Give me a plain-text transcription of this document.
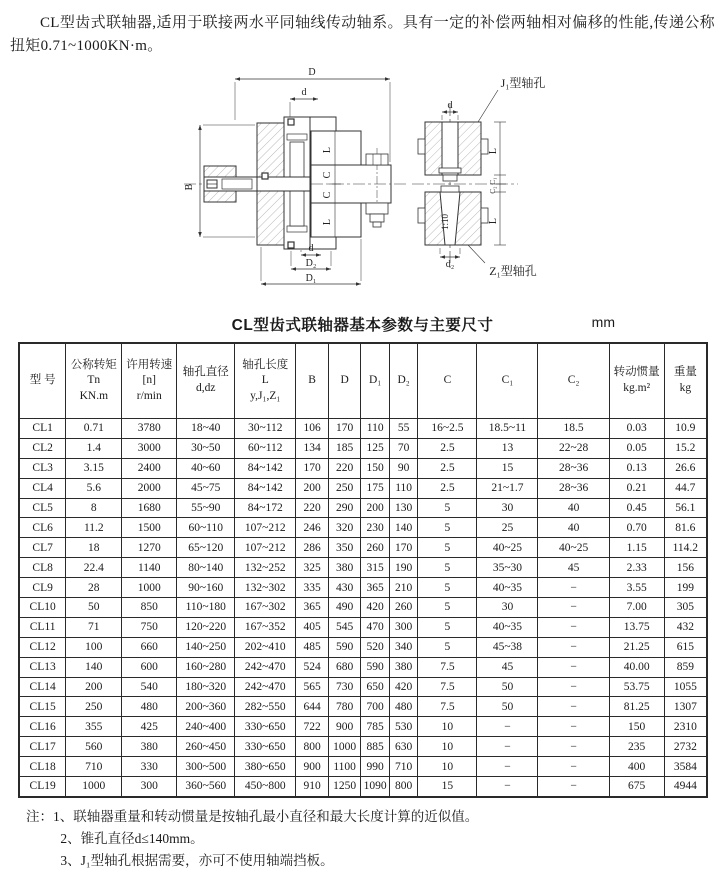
CL型齿式联轴器,适用于联接两水平同轴线传动轴系。具有一定的补偿两轴相对偏移的性能,传递公称扭矩0.71~1000KN·m。

D
d
B
L
C
C
L
d
D₂
D₁
d
L
C₁
C₂
L
1:10
d₂
J₁型轴孔
Z₁型轴孔
CL型齿式联轴器基本参数与主要尺寸	mm
型 号	公称转矩
Tn
KN.m	许用转速
[n]
r/min	轴孔直径
d,dz	轴孔长度
L
y,J₁,Z₁	B	D	D₁	D₂	C	C₁	C₂	转动惯量
kg.m²	重量
kg
CL1	0.71	3780	18~40	30~112	106	170	110	55	16~2.5	18.5~11	18.5	0.03	10.9
CL2	1.4	3000	30~50	60~112	134	185	125	70	2.5	13	22~28	0.05	15.2
CL3	3.15	2400	40~60	84~142	170	220	150	90	2.5	15	28~36	0.13	26.6
CL4	5.6	2000	45~75	84~142	200	250	175	110	2.5	21~1.7	28~36	0.21	44.7
CL5	8	1680	55~90	84~172	220	290	200	130	5	30	40	0.45	56.1
CL6	11.2	1500	60~110	107~212	246	320	230	140	5	25	40	0.70	81.6
CL7	18	1270	65~120	107~212	286	350	260	170	5	40~25	40~25	1.15	114.2
CL8	22.4	1140	80~140	132~252	325	380	315	190	5	35~30	45	2.33	156
CL9	28	1000	90~160	132~302	335	430	365	210	5	40~35	−	3.55	199
CL10	50	850	110~180	167~302	365	490	420	260	5	30	−	7.00	305
CL11	71	750	120~220	167~352	405	545	470	300	5	40~35	−	13.75	432
CL12	100	660	140~250	202~410	485	590	520	340	5	45~38	−	21.25	615
CL13	140	600	160~280	242~470	524	680	590	380	7.5	45	−	40.00	859
CL14	200	540	180~320	242~470	565	730	650	420	7.5	50	−	53.75	1055
CL15	250	480	200~360	282~550	644	780	700	480	7.5	50	−	81.25	1307
CL16	355	425	240~400	330~650	722	900	785	530	10	−	−	150	2310
CL17	560	380	260~450	330~650	800	1000	885	630	10	−	−	235	2732
CL18	710	330	300~500	380~650	900	1100	990	710	10	−	−	400	3584
CL19	1000	300	360~560	450~800	910	1250	1090	800	15	−	−	675	4944
注：1、联轴器重量和转动惯量是按轴孔最小直径和最大长度计算的近似值。
2、锥孔直径d≤140mm。
3、J₁型轴孔根据需要，亦可不使用轴端挡板。
